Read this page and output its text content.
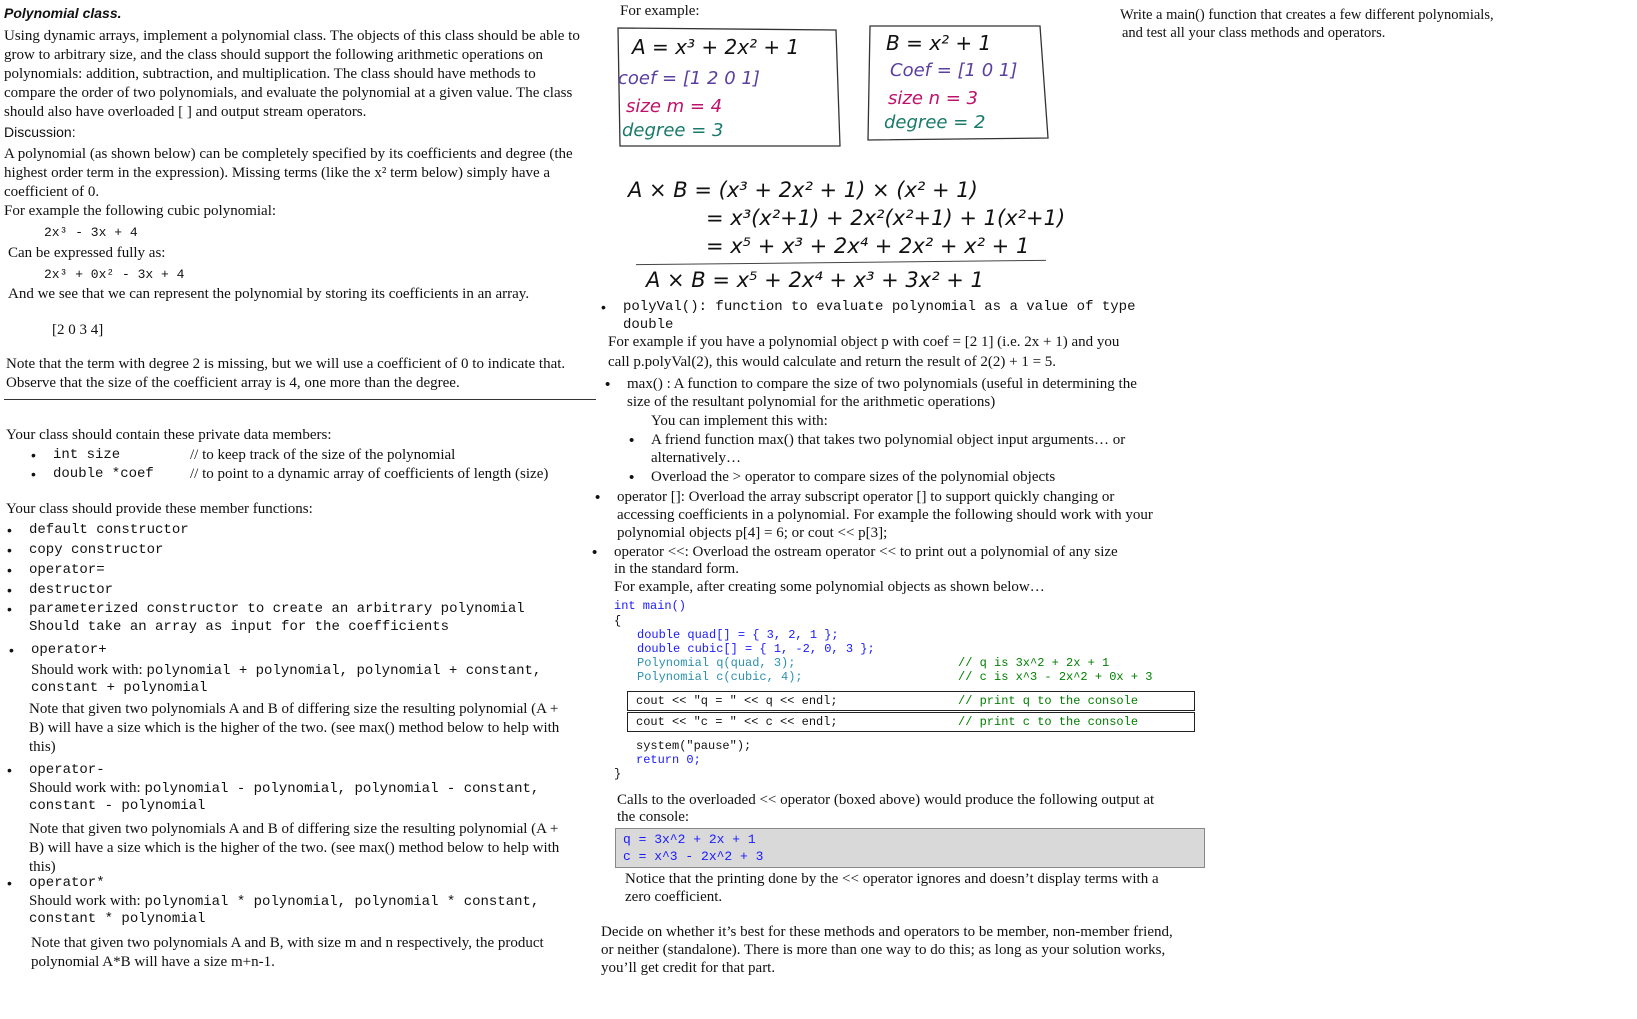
Polynomial class.
Using dynamic arrays, implement a polynomial class. The objects of this class should be able to
grow to arbitrary size, and the class should support the following arithmetic operations on
polynomials: addition, subtraction, and multiplication. The class should have methods to
compare the order of two polynomials, and evaluate the polynomial at a given value. The class
should also have overloaded [ ] and output stream operators.
Discussion:
A polynomial (as shown below) can be completely specified by its coefficients and degree (the
highest order term in the expression). Missing terms (like the x² term below) simply have a
coefficient of 0.
For example the following cubic polynomial:
2x³ - 3x + 4
Can be expressed fully as:
2x³ + 0x² - 3x + 4
And we see that we can represent the polynomial by storing its coefficients in an array.
[2 0 3 4]
Note that the term with degree 2 is missing, but we will use a coefficient of 0 to indicate that.
Observe that the size of the coefficient array is 4, one more than the degree.
Your class should contain these private data members:
• int size	// to keep track of the size of the polynomial
• double *coef // to point to a dynamic array of coefficients of length (size)
Your class should provide these member functions:
• default constructor
• copy constructor
• operator=
• destructor
• parameterized constructor to create an arbitrary polynomial
Should take an array as input for the coefficients
• operator+
Should work with: polynomial + polynomial, polynomial + constant,
constant + polynomial
Note that given two polynomials A and B of differing size the resulting polynomial (A +
B) will have a size which is the higher of the two. (see max() method below to help with
this)
• operator-
Should work with: polynomial - polynomial, polynomial - constant,
constant - polynomial
Note that given two polynomials A and B of differing size the resulting polynomial (A +
B) will have a size which is the higher of the two. (see max() method below to help with
this)
• operator*
Should work with: polynomial * polynomial, polynomial * constant,
constant * polynomial
Note that given two polynomials A and B, with size m and n respectively, the product
polynomial A*B will have a size m+n-1.
For example:
A = x³ + 2x² + 1
coef = [1 2 0 1]
size m = 4
degree = 3
B = x² + 1
Coef = [1 0 1]
size n = 3
degree = 2
A × B = (x³ + 2x² + 1) × (x² + 1)
= x³(x²+1) + 2x²(x²+1) + 1(x²+1)
= x⁵ + x³ + 2x⁴ + 2x² + x² + 1
A × B = x⁵ + 2x⁴ + x³ + 3x² + 1
• polyVal(): function to evaluate polynomial as a value of type
double
For example if you have a polynomial object p with coef = [2 1] (i.e. 2x + 1) and you
call p.polyVal(2), this would calculate and return the result of 2(2) + 1 = 5.
• max() : A function to compare the size of two polynomials (useful in determining the
size of the resultant polynomial for the arithmetic operations)
You can implement this with:
• A friend function max() that takes two polynomial object input arguments… or
alternatively…
• Overload the > operator to compare sizes of the polynomial objects
• operator []: Overload the array subscript operator [] to support quickly changing or
accessing coefficients in a polynomial. For example the following should work with your
polynomial objects p[4] = 6; or cout << p[3];
• operator <<: Overload the ostream operator << to print out a polynomial of any size
in the standard form.
For example, after creating some polynomial objects as shown below…
int main()
{
double quad[] = { 3, 2, 1 };
double cubic[] = { 1, -2, 0, 3 };
Polynomial q(quad, 3);	// q is 3x^2 + 2x + 1
Polynomial c(cubic, 4);	// c is x^3 - 2x^2 + 0x + 3
cout << "q = " << q << endl;	// print q to the console
cout << "c = " << c << endl;	// print c to the console
system("pause");
return 0;
}
Calls to the overloaded << operator (boxed above) would produce the following output at
the console:
q = 3x^2 + 2x + 1
c = x^3 - 2x^2 + 3
Notice that the printing done by the << operator ignores and doesn’t display terms with a
zero coefficient.
Decide on whether it’s best for these methods and operators to be member, non-member friend,
or neither (standalone). There is more than one way to do this; as long as your solution works,
you’ll get credit for that part.
Write a main() function that creates a few different polynomials,
and test all your class methods and operators.
